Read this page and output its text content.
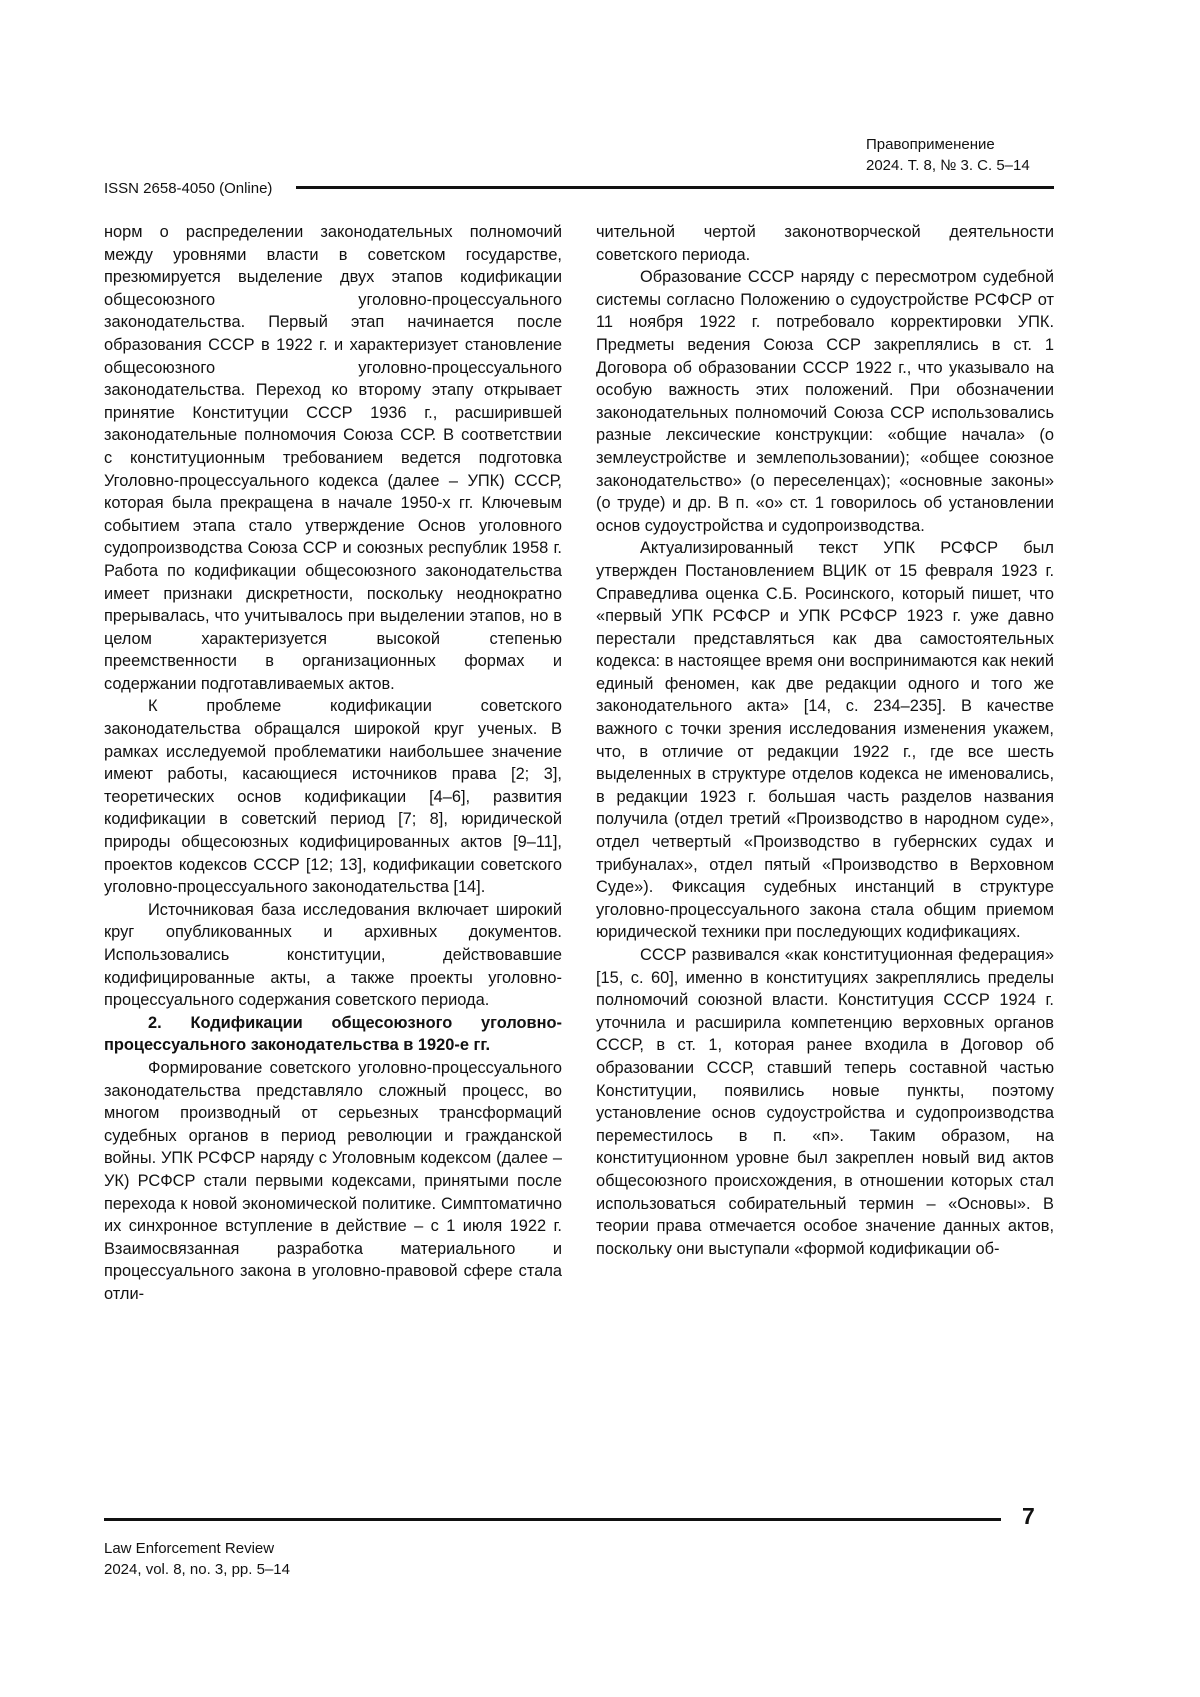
Правоприменение
2024. Т. 8, № 3. С. 5–14
ISSN 2658-4050 (Online)

норм о распределении законодательных полномочий между уровнями власти в советском государстве, презюмируется выделение двух этапов кодификации общесоюзного уголовно-процессуального законодательства. Первый этап начинается после образования СССР в 1922 г. и характеризует становление общесоюзного уголовно-процессуального законодательства. Переход ко второму этапу открывает принятие Конституции СССР 1936 г., расширившей законодательные полномочия Союза ССР. В соответствии с конституционным требованием ведется подготовка Уголовно-процессуального кодекса (далее – УПК) СССР, которая была прекращена в начале 1950-х гг. Ключевым событием этапа стало утверждение Основ уголовного судопроизводства Союза ССР и союзных республик 1958 г. Работа по кодификации общесоюзного законодательства имеет признаки дискретности, поскольку неоднократно прерывалась, что учитывалось при выделении этапов, но в целом характеризуется высокой степенью преемственности в организационных формах и содержании подготавливаемых актов.

К проблеме кодификации советского законодательства обращался широкой круг ученых. В рамках исследуемой проблематики наибольшее значение имеют работы, касающиеся источников права [2; 3], теоретических основ кодификации [4–6], развития кодификации в советский период [7; 8], юридической природы общесоюзных кодифицированных актов [9–11], проектов кодексов СССР [12; 13], кодификации советского уголовно-процессуального законодательства [14].

Источниковая база исследования включает широкий круг опубликованных и архивных документов. Использовались конституции, действовавшие кодифицированные акты, а также проекты уголовно-процессуального содержания советского периода.

2. Кодификации общесоюзного уголовно-процессуального законодательства в 1920-е гг.

Формирование советского уголовно-процессуального законодательства представляло сложный процесс, во многом производный от серьезных трансформаций судебных органов в период революции и гражданской войны. УПК РСФСР наряду с Уголовным кодексом (далее – УК) РСФСР стали первыми кодексами, принятыми после перехода к новой экономической политике. Симптоматично их синхронное вступление в действие – с 1 июля 1922 г. Взаимосвязанная разработка материального и процессуального закона в уголовно-правовой сфере стала отли-

чительной чертой законотворческой деятельности советского периода.

Образование СССР наряду с пересмотром судебной системы согласно Положению о судоустройстве РСФСР от 11 ноября 1922 г. потребовало корректировки УПК. Предметы ведения Союза ССР закреплялись в ст. 1 Договора об образовании СССР 1922 г., что указывало на особую важность этих положений. При обозначении законодательных полномочий Союза ССР использовались разные лексические конструкции: «общие начала» (о землеустройстве и землепользовании); «общее союзное законодательство» (о переселенцах); «основные законы» (о труде) и др. В п. «о» ст. 1 говорилось об установлении основ судоустройства и судопроизводства.

Актуализированный текст УПК РСФСР был утвержден Постановлением ВЦИК от 15 февраля 1923 г. Справедлива оценка С.Б. Росинского, который пишет, что «первый УПК РСФСР и УПК РСФСР 1923 г. уже давно перестали представляться как два самостоятельных кодекса: в настоящее время они воспринимаются как некий единый феномен, как две редакции одного и того же законодательного акта» [14, с. 234–235]. В качестве важного с точки зрения исследования изменения укажем, что, в отличие от редакции 1922 г., где все шесть выделенных в структуре отделов кодекса не именовались, в редакции 1923 г. большая часть разделов названия получила (отдел третий «Производство в народном суде», отдел четвертый «Производство в губернских судах и трибуналах», отдел пятый «Производство в Верховном Суде»). Фиксация судебных инстанций в структуре уголовно-процессуального закона стала общим приемом юридической техники при последующих кодификациях.

СССР развивался «как конституционная федерация» [15, с. 60], именно в конституциях закреплялись пределы полномочий союзной власти. Конституция СССР 1924 г. уточнила и расширила компетенцию верховных органов СССР, в ст. 1, которая ранее входила в Договор об образовании СССР, ставший теперь составной частью Конституции, появились новые пункты, поэтому установление основ судоустройства и судопроизводства переместилось в п. «п». Таким образом, на конституционном уровне был закреплен новый вид актов общесоюзного происхождения, в отношении которых стал использоваться собирательный термин – «Основы». В теории права отмечается особое значение данных актов, поскольку они выступали «формой кодификации об-

7
Law Enforcement Review
2024, vol. 8, no. 3, pp. 5–14
